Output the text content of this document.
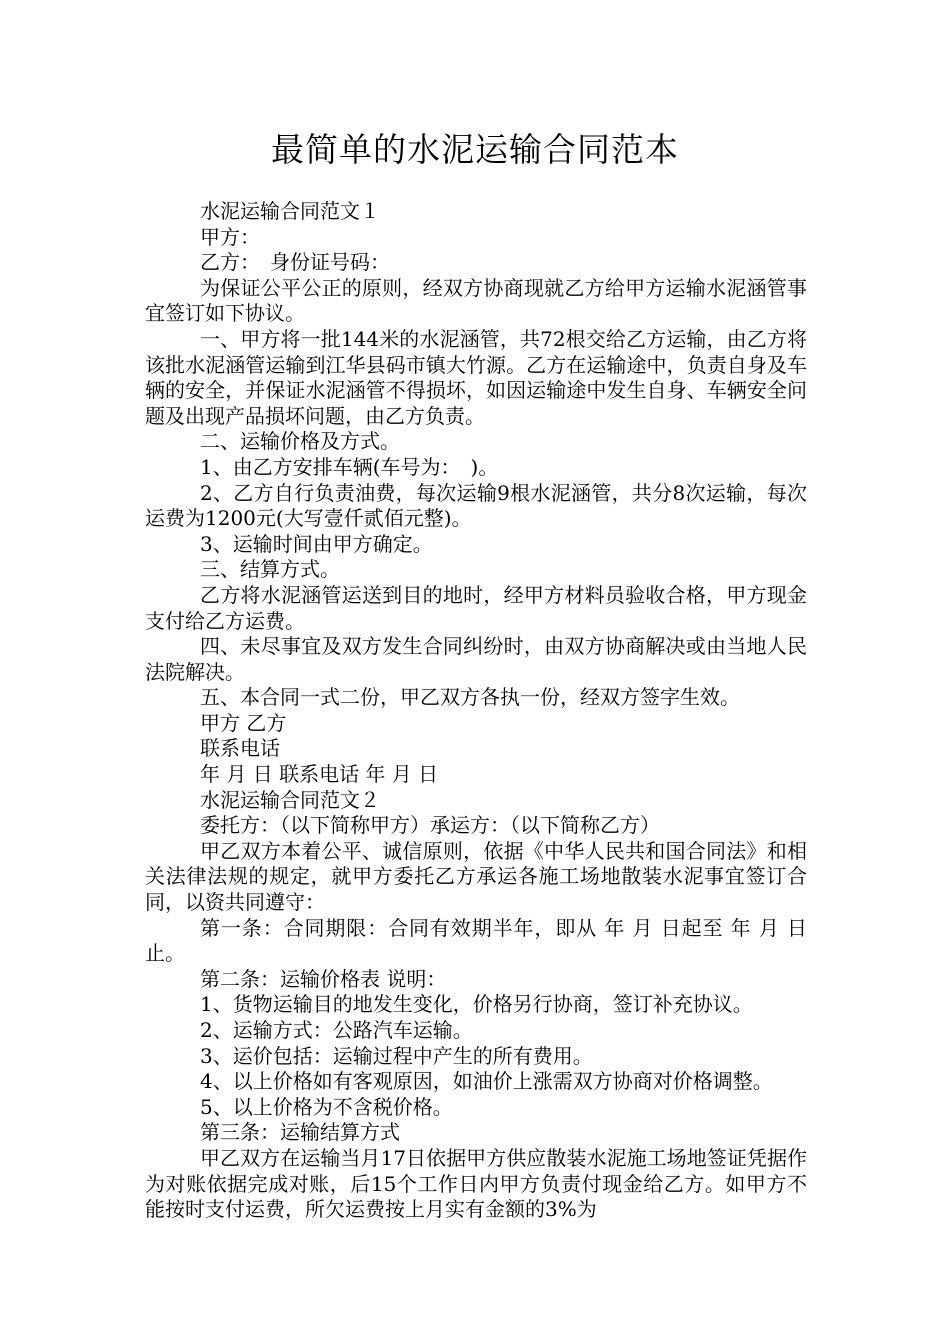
最简单的水泥运输合同范本

水泥运输合同范文１

甲方：

乙方：　身份证号码：

为保证公平公正的原则，经双方协商现就乙方给甲方运输水泥涵管事宜签订如下协议。

一、甲方将一批144米的水泥涵管，共72根交给乙方运输，由乙方将该批水泥涵管运输到江华县码市镇大竹源。乙方在运输途中，负责自身及车辆的安全，并保证水泥涵管不得损坏，如因运输途中发生自身、车辆安全问题及出现产品损坏问题，由乙方负责。

二、运输价格及方式。

1、由乙方安排车辆(车号为：　)。

2、乙方自行负责油费，每次运输9根水泥涵管，共分8次运输，每次运费为1200元(大写壹仟贰佰元整)。

3、运输时间由甲方确定。

三、结算方式。

乙方将水泥涵管运送到目的地时，经甲方材料员验收合格，甲方现金支付给乙方运费。

四、未尽事宜及双方发生合同纠纷时，由双方协商解决或由当地人民法院解决。

五、本合同一式二份，甲乙双方各执一份，经双方签字生效。

甲方 乙方

联系电话

年 月 日 联系电话 年 月 日

水泥运输合同范文２

委托方：（以下简称甲方）承运方：（以下简称乙方）

甲乙双方本着公平、诚信原则，依据《中华人民共和国合同法》和相关法律法规的规定，就甲方委托乙方承运各施工场地散装水泥事宜签订合同，以资共同遵守：

第一条：合同期限：合同有效期半年，即从 年 月 日起至 年 月 日止。

第二条：运输价格表 说明：

1、货物运输目的地发生变化，价格另行协商，签订补充协议。

2、运输方式：公路汽车运输。

3、运价包括：运输过程中产生的所有费用。

4、以上价格如有客观原因，如油价上涨需双方协商对价格调整。

5、以上价格为不含税价格。

第三条：运输结算方式

甲乙双方在运输当月17日依据甲方供应散装水泥施工场地签证凭据作为对账依据完成对账，后15个工作日内甲方负责付现金给乙方。如甲方不能按时支付运费，所欠运费按上月实有金额的3%为
